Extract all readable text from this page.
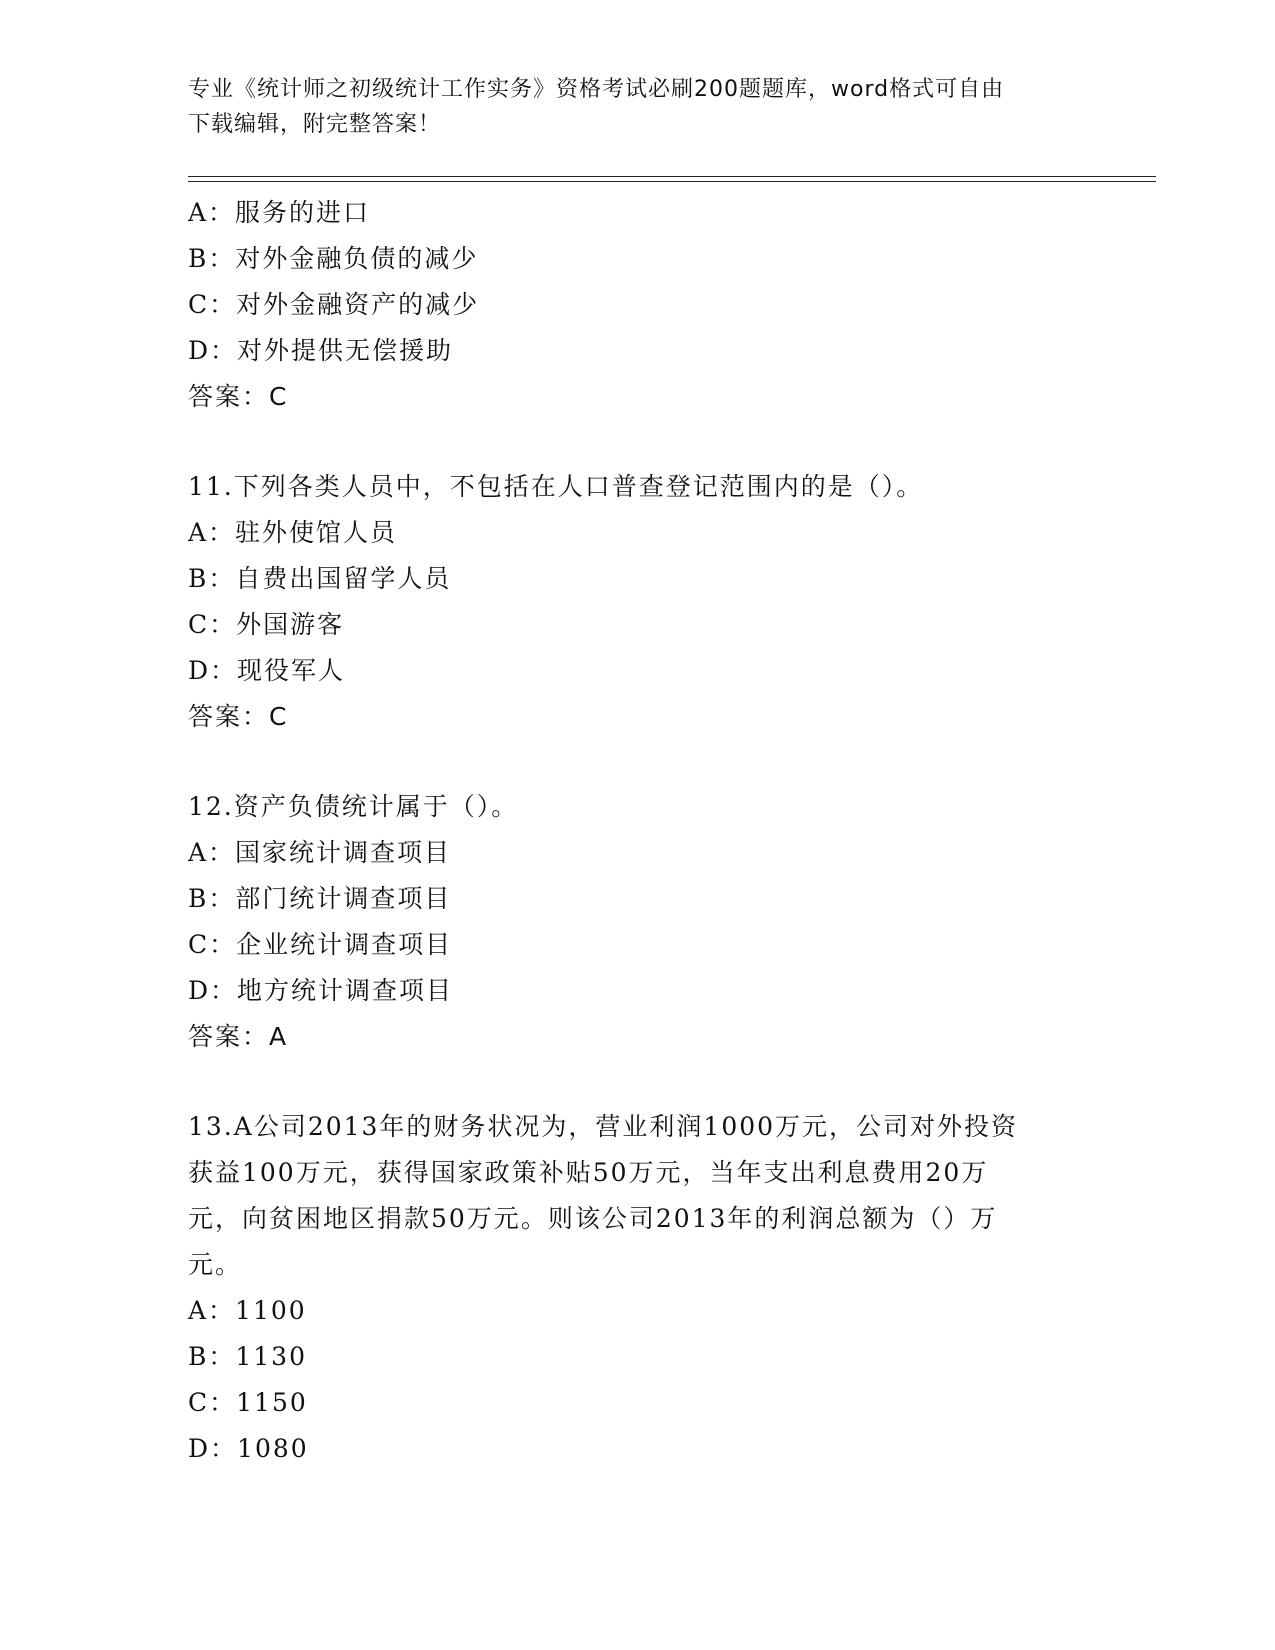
专业《统计师之初级统计工作实务》资格考试必刷200题题库，word格式可自由
下载编辑，附完整答案！
A：服务的进口
B：对外金融负债的减少
C：对外金融资产的减少
D：对外提供无偿援助
答案：C
11.下列各类人员中，不包括在人口普查登记范围内的是（）。
A：驻外使馆人员
B：自费出国留学人员
C：外国游客
D：现役军人
答案：C
12.资产负债统计属于（）。
A：国家统计调查项目
B：部门统计调查项目
C：企业统计调查项目
D：地方统计调查项目
答案：A
13.A公司2013年的财务状况为，营业利润1000万元，公司对外投资
获益100万元，获得国家政策补贴50万元，当年支出利息费用20万
元，向贫困地区捐款50万元。则该公司2013年的利润总额为（）万
元。
A：1100
B：1130
C：1150
D：1080
